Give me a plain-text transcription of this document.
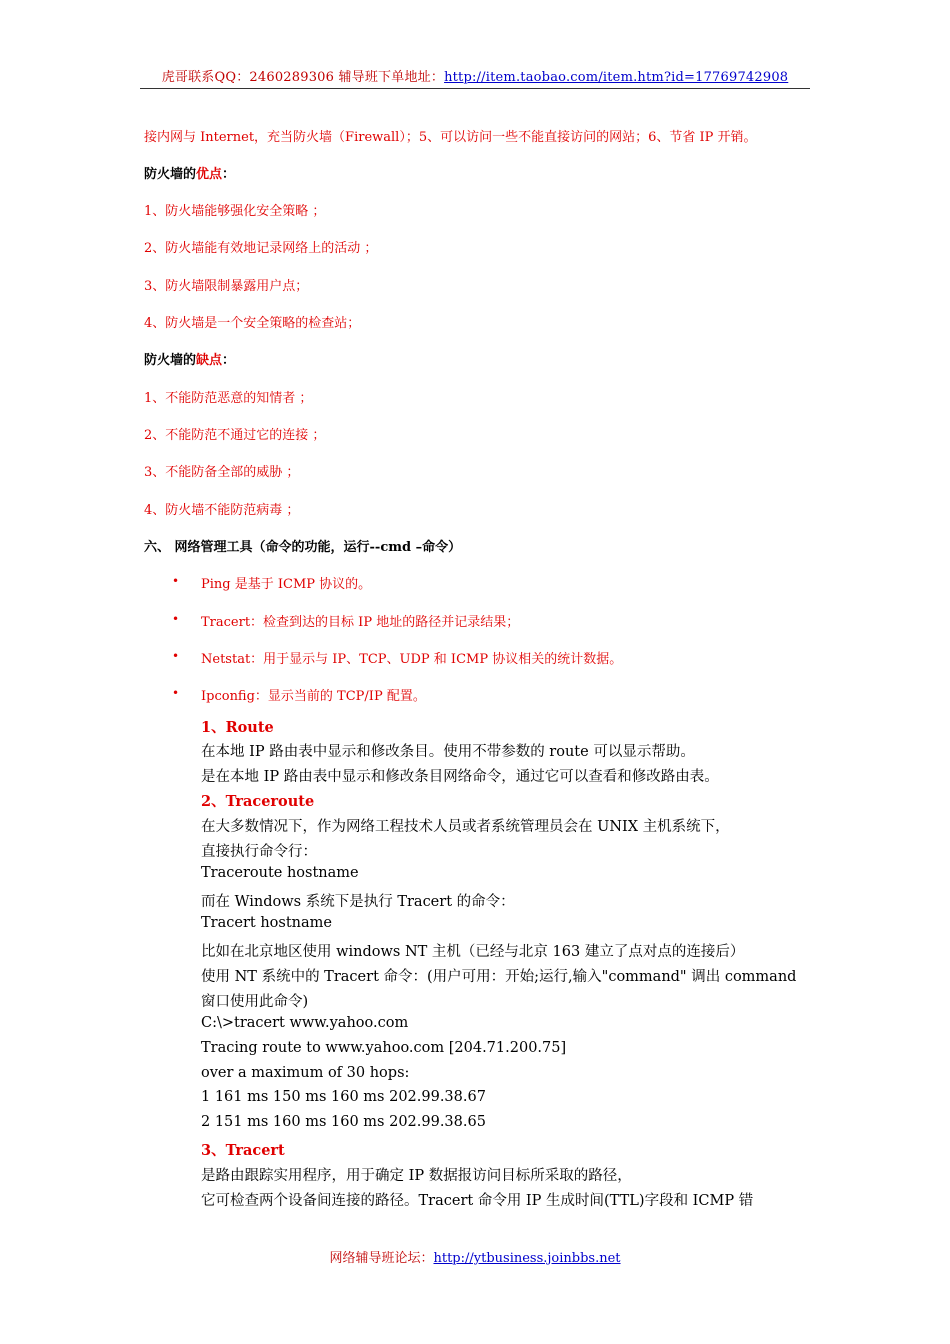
虎哥联系QQ：2460289306 辅导班下单地址：http://item.taobao.com/item.htm?id=17769742908
接内网与 Internet，充当防火墙（Firewall）；5、可以访问一些不能直接访问的网站；6、节省 IP 开销。
防火墙的优点：
1、防火墙能够强化安全策略 ；
2、防火墙能有效地记录网络上的活动 ；
3、防火墙限制暴露用户点；
4、防火墙是一个安全策略的检查站；
防火墙的缺点：
1、不能防范恶意的知情者 ；
2、不能防范不通过它的连接 ；
3、不能防备全部的威胁 ；
4、防火墙不能防范病毒 ；
六、 网络管理工具（命令的功能，运行--cmd –命令）
• Ping 是基于 ICMP 协议的。
• Tracert：检查到达的目标 IP 地址的路径并记录结果；
• Netstat：用于显示与 IP、TCP、UDP 和 ICMP 协议相关的统计数据。
• Ipconfig：显示当前的 TCP/IP 配置。
1、Route
在本地 IP 路由表中显示和修改条目。使用不带参数的 route 可以显示帮助。
是在本地 IP 路由表中显示和修改条目网络命令，通过它可以查看和修改路由表。
2、Traceroute
在大多数情况下，作为网络工程技术人员或者系统管理员会在 UNIX 主机系统下，
直接执行命令行：
Traceroute hostname
而在 Windows 系统下是执行 Tracert 的命令：
Tracert hostname
比如在北京地区使用 windows NT 主机（已经与北京 163 建立了点对点的连接后）
使用 NT 系统中的 Tracert 命令：(用户可用：开始;运行,输入"command" 调出 command
窗口使用此命令)
C:\>tracert www.yahoo.com
Tracing route to www.yahoo.com [204.71.200.75]
over a maximum of 30 hops:
1 161 ms 150 ms 160 ms 202.99.38.67
2 151 ms 160 ms 160 ms 202.99.38.65
3、Tracert
是路由跟踪实用程序，用于确定 IP 数据报访问目标所采取的路径，
它可检查两个设备间连接的路径。Tracert 命令用 IP 生成时间(TTL)字段和 ICMP 错
网络辅导班论坛：http://ytbusiness.joinbbs.net
